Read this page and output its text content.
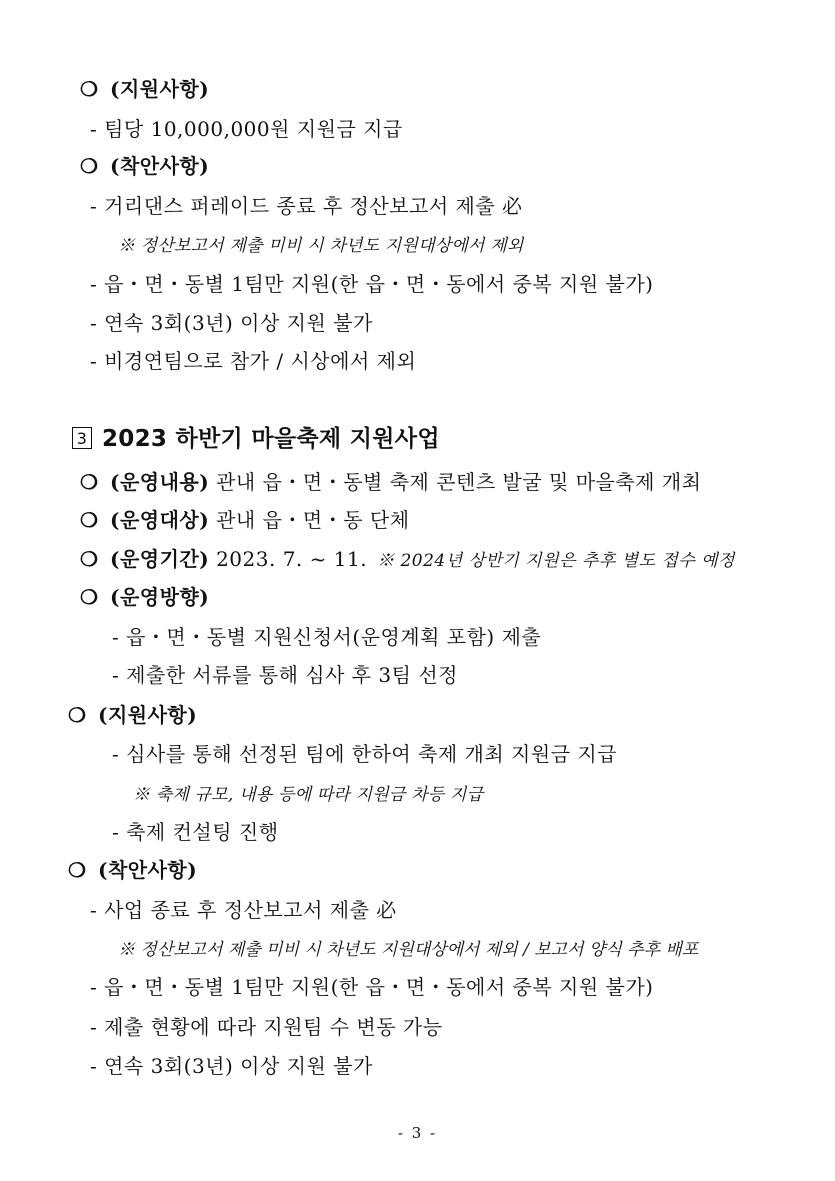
❍ (지원사항)
- 팀당 10,000,000원 지원금 지급
❍ (착안사항)
- 거리댄스 퍼레이드 종료 후 정산보고서 제출 必
※ 정산보고서 제출 미비 시 차년도 지원대상에서 제외
- 읍・면・동별 1팀만 지원(한 읍・면・동에서 중복 지원 불가)
- 연속 3회(3년) 이상 지원 불가
- 비경연팀으로 참가 / 시상에서 제외
3 2023 하반기 마을축제 지원사업
❍ (운영내용) 관내 읍・면・동별 축제 콘텐츠 발굴 및 마을축제 개최
❍ (운영대상) 관내 읍・면・동 단체
❍ (운영기간) 2023. 7. ~ 11. ※ 2024년 상반기 지원은 추후 별도 접수 예정
❍ (운영방향)
- 읍・면・동별 지원신청서(운영계획 포함) 제출
- 제출한 서류를 통해 심사 후 3팀 선정
❍ (지원사항)
- 심사를 통해 선정된 팀에 한하여 축제 개최 지원금 지급
※ 축제 규모, 내용 등에 따라 지원금 차등 지급
- 축제 컨설팅 진행
❍ (착안사항)
- 사업 종료 후 정산보고서 제출 必
※ 정산보고서 제출 미비 시 차년도 지원대상에서 제외 / 보고서 양식 추후 배포
- 읍・면・동별 1팀만 지원(한 읍・면・동에서 중복 지원 불가)
- 제출 현황에 따라 지원팀 수 변동 가능
- 연속 3회(3년) 이상 지원 불가
- 3 -
